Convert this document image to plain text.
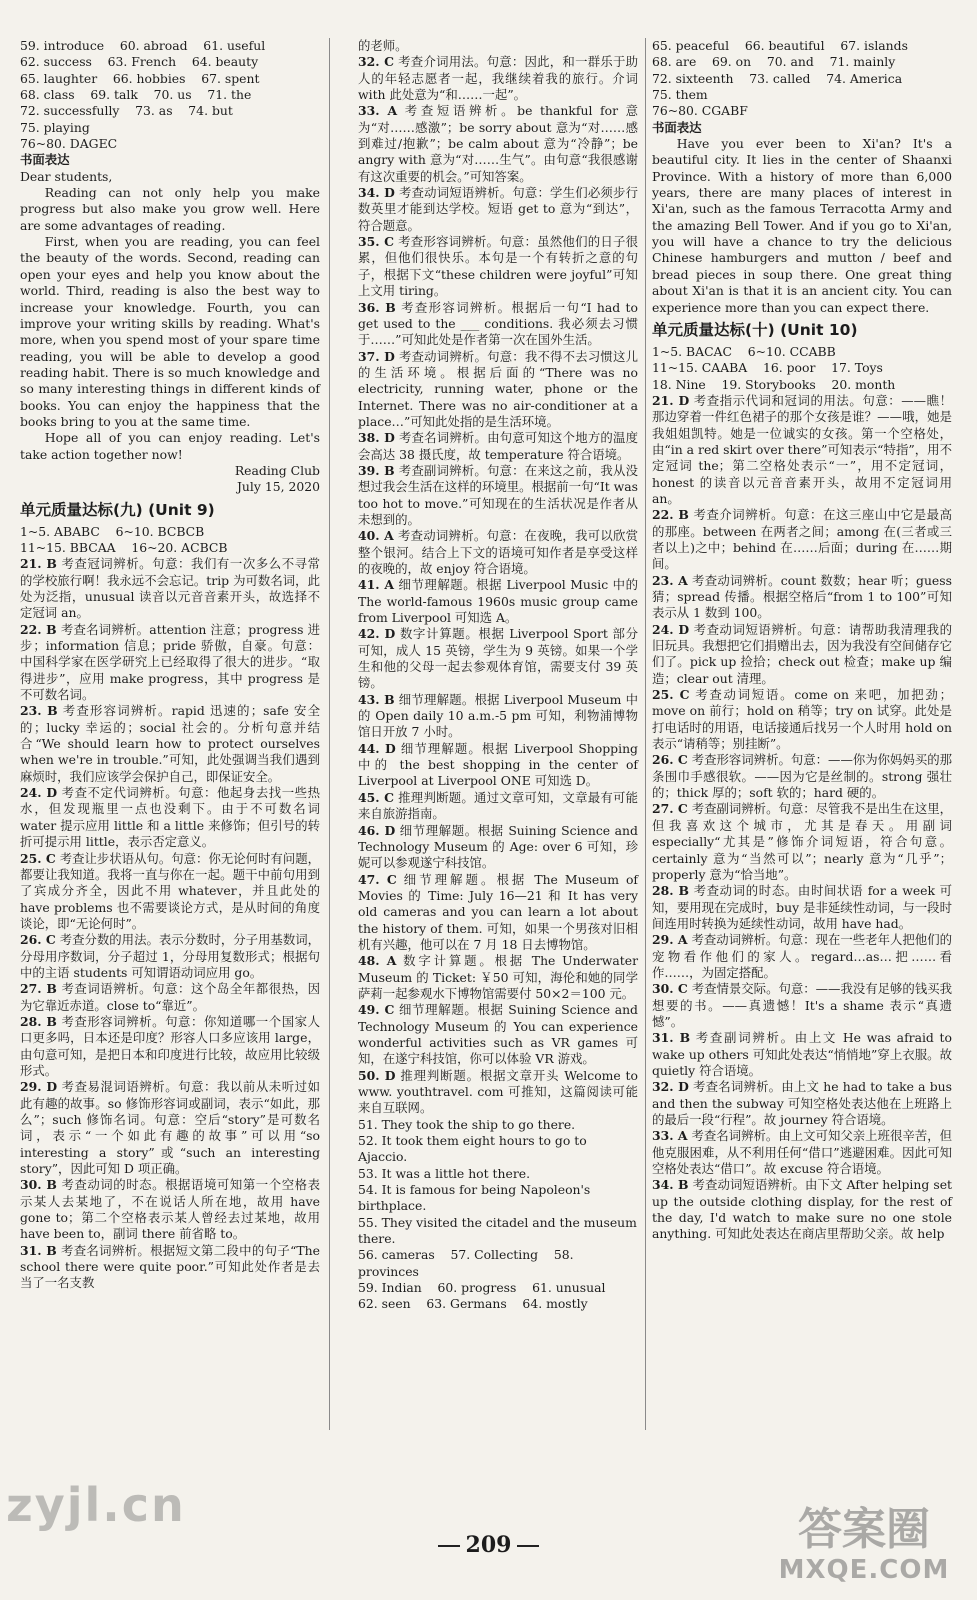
59. introduce    60. abroad    61. useful
62. success    63. French    64. beauty
65. laughter    66. hobbies    67. spent
68. class    69. talk    70. us    71. the
72. successfully    73. as    74. but
75. playing
76~80. DAGEC
书面表达
Dear students,
Reading can not only help you make progress but also make you grow well. Here are some advantages of reading.
First, when you are reading, you can feel the beauty of the words. Second, reading can open your eyes and help you know about the world. Third, reading is also the best way to increase your knowledge. Fourth, you can improve your writing skills by reading. What's more, when you spend most of your spare time reading, you will be able to develop a good reading habit. There is so much knowledge and so many interesting things in different kinds of books. You can enjoy the happiness that the books bring to you at the same time.
Hope all of you can enjoy reading. Let's take action together now!
Reading Club
July 15, 2020
单元质量达标(九) (Unit 9)
1~5. ABABC    6~10. BCBCB
11~15. BBCAA    16~20. ACBCB
21. B 考查冠词辨析。句意：我们有一次多么不寻常的学校旅行啊！我永远不会忘记。trip 为可数名词，此处为泛指，unusual 读音以元音音素开头，故选择不定冠词 an。
22. B 考查名词辨析。attention 注意；progress 进步；information 信息；pride 骄傲，自豪。句意：中国科学家在医学研究上已经取得了很大的进步。“取得进步”，应用 make progress，其中 progress 是不可数名词。
23. B 考查形容词辨析。rapid 迅速的；safe 安全的；lucky 幸运的；social 社会的。分析句意并结合“We should learn how to protect ourselves when we're in trouble.”可知，此处强调当我们遇到麻烦时，我们应该学会保护自己，即保证安全。
24. D 考查不定代词辨析。句意：他起身去找一些热水，但发现瓶里一点也没剩下。由于不可数名词 water 提示应用 little 和 a little 来修饰；但引号的转折可提示用 little，表示否定意义。
25. C 考查让步状语从句。句意：你无论何时有问题，都要让我知道。我将一直与你在一起。题干中前句用到了宾成分齐全，因此不用 whatever，并且此处的 have problems 也不需要谈论方式，是从时间的角度谈论，即“无论何时”。
26. C 考查分数的用法。表示分数时，分子用基数词，分母用序数词，分子超过 1，分母用复数形式；根据句中的主语 students 可知谓语动词应用 go。
27. B 考查词语辨析。句意：这个岛全年都很热，因为它靠近赤道。close to“靠近”。
28. B 考查形容词辨析。句意：你知道哪一个国家人口更多吗，日本还是印度？形容人口多应该用 large，由句意可知，是把日本和印度进行比较，故应用比较级形式。
29. D 考查易混词语辨析。句意：我以前从未听过如此有趣的故事。so 修饰形容词或副词，表示“如此，那么”；such 修饰名词。句意：空后“story”是可数名词，表示“一个如此有趣的故事”可以用“so interesting a story”或“such an interesting story”，因此可知 D 项正确。
30. B 考查动词的时态。根据语境可知第一个空格表示某人去某地了，不在说话人所在地，故用 have gone to；第二个空格表示某人曾经去过某地，故用 have been to，副词 there 前省略 to。
31. B 考查名词辨析。根据短文第二段中的句子“The school there were quite poor.”可知此处作者是去当了一名支教
的老师。
32. C 考查介词用法。句意：因此，和一群乐于助人的年轻志愿者一起，我继续着我的旅行。介词 with 此处意为“和……一起”。
33. A 考查短语辨析。be thankful for 意为“对……感激”；be sorry about 意为“对……感到难过/抱歉”；be calm about 意为“冷静”；be angry with 意为“对……生气”。由句意“我很感谢有这次重要的机会。”可知答案。
34. D 考查动词短语辨析。句意：学生们必须步行数英里才能到达学校。短语 get to 意为“到达”，符合题意。
35. C 考查形容词辨析。句意：虽然他们的日子很累，但他们很快乐。本句是一个有转折之意的句子，根据下文“these children were joyful”可知上文用 tiring。
36. B 考查形容词辨析。根据后一句“I had to get used to the ___ conditions. 我必须去习惯于……”可知此处是作者第一次在国外生活。
37. D 考查动词辨析。句意：我不得不去习惯这儿的生活环境。根据后面的“There was no electricity, running water, phone or the Internet. There was no air-conditioner at a place…”可知此处指的是生活环境。
38. D 考查名词辨析。由句意可知这个地方的温度会高达 38 摄氏度，故 temperature 符合语境。
39. B 考查副词辨析。句意：在来这之前，我从没想过我会生活在这样的环境里。根据前一句“It was too hot to move.”可知现在的生活状况是作者从未想到的。
40. A 考查动词辨析。句意：在夜晚，我可以欣赏整个银河。结合上下文的语境可知作者是享受这样的夜晚的，故 enjoy 符合语境。
41. A 细节理解题。根据 Liverpool Music 中的 The world-famous 1960s music group came from Liverpool 可知选 A。
42. D 数字计算题。根据 Liverpool Sport 部分可知，成人 15 英镑，学生为 9 英镑。如果一个学生和他的父母一起去参观体育馆，需要支付 39 英镑。
43. B 细节理解题。根据 Liverpool Museum 中的 Open daily 10 a.m.-5 pm 可知，利物浦博物馆日开放 7 小时。
44. D 细节理解题。根据 Liverpool Shopping 中的 the best shopping in the center of Liverpool at Liverpool ONE 可知选 D。
45. C 推理判断题。通过文章可知，文章最有可能来自旅游指南。
46. D 细节理解题。根据 Suining Science and Technology Museum 的 Age: over 6 可知，珍妮可以参观遂宁科技馆。
47. C 细节理解题。根据 The Museum of Movies 的 Time: July 16—21 和 It has very old cameras and you can learn a lot about the history of them. 可知，如果一个男孩对旧相机有兴趣，他可以在 7 月 18 日去博物馆。
48. A 数字计算题。根据 The Underwater Museum 的 Ticket: ￥50 可知，海伦和她的同学萨莉一起参观水下博物馆需要付 50×2＝100 元。
49. C 细节理解题。根据 Suining Science and Technology Museum 的 You can experience wonderful activities such as VR games 可知，在遂宁科技馆，你可以体验 VR 游戏。
50. D 推理判断题。根据文章开头 Welcome to www. youthtravel. com 可推知，这篇阅读可能来自互联网。
51. They took the ship to go there.
52. It took them eight hours to go to Ajaccio.
53. It was a little hot there.
54. It is famous for being Napoleon's birthplace.
55. They visited the citadel and the museum there.
56. cameras    57. Collecting    58. provinces
59. Indian    60. progress    61. unusual
62. seen    63. Germans    64. mostly
65. peaceful    66. beautiful    67. islands
68. are    69. on    70. and    71. mainly
72. sixteenth    73. called    74. America
75. them
76~80. CGABF
书面表达
Have you ever been to Xi'an? It's a beautiful city. It lies in the center of Shaanxi Province. With a history of more than 6,000 years, there are many places of interest in Xi'an, such as the famous Terracotta Army and the amazing Bell Tower. And if you go to Xi'an, you will have a chance to try the delicious Chinese hamburgers and mutton / beef and bread pieces in soup there. One great thing about Xi'an is that it is an ancient city. You can experience more than you can expect there.
单元质量达标(十) (Unit 10)
1~5. BACAC    6~10. CCABB
11~15. CAABA    16. poor    17. Toys
18. Nine    19. Storybooks    20. month
21. D 考查指示代词和冠词的用法。句意：——瞧！那边穿着一件红色裙子的那个女孩是谁？——哦，她是我姐姐凯特。她是一位诚实的女孩。第一个空格处，由“in a red skirt over there”可知表示“特指”，用不定冠词 the；第二空格处表示“一”，用不定冠词，honest 的读音以元音音素开头，故用不定冠词用 an。
22. B 考查介词辨析。句意：在这三座山中它是最高的那座。between 在两者之间；among 在(三者或三者以上)之中；behind 在……后面；during 在……期间。
23. A 考查动词辨析。count 数数；hear 听；guess 猜；spread 传播。根据空格后“from 1 to 100”可知表示从 1 数到 100。
24. D 考查动词短语辨析。句意：请帮助我清理我的旧玩具。我想把它们捐赠出去，因为我没有空间储存它们了。pick up 捡拾；check out 检查；make up 编造；clear out 清理。
25. C 考查动词短语。come on 来吧，加把劲；move on 前行；hold on 稍等；try on 试穿。此处是打电话时的用语，电话接通后找另一个人时用 hold on 表示“请稍等；别挂断”。
26. C 考查形容词辨析。句意：——你为你妈妈买的那条围巾手感很软。——因为它是丝制的。strong 强壮的；thick 厚的；soft 软的；hard 硬的。
27. C 考查副词辨析。句意：尽管我不是出生在这里，但我喜欢这个城市，尤其是春天。用副词 especially“尤其是”修饰介词短语，符合句意。certainly 意为“当然可以”；nearly 意为“几乎”；properly 意为“恰当地”。
28. B 考查动词的时态。由时间状语 for a week 可知，要用现在完成时，buy 是非延续性动词，与一段时间连用时转换为延续性动词，故用 have had。
29. A 考查动词辨析。句意：现在一些老年人把他们的宠物看作他们的家人。regard…as…把……看作……，为固定搭配。
30. C 考查情景交际。句意：——我没有足够的钱买我想要的书。——真遗憾！It's a shame 表示“真遗憾”。
31. B 考查副词辨析。由上文 He was afraid to wake up others 可知此处表达“悄悄地”穿上衣服。故 quietly 符合语境。
32. D 考查名词辨析。由上文 he had to take a bus and then the subway 可知空格处表达他在上班路上的最后一段“行程”。故 journey 符合语境。
33. A 考查名词辨析。由上文可知父亲上班很辛苦，但他克服困难，从不利用任何“借口”逃避困难。因此可知空格处表达“借口”。故 excuse 符合语境。
34. B 考查动词短语辨析。由下文 After helping set up the outside clothing display, for the rest of the day, I'd watch to make sure no one stole anything. 可知此处表达在商店里帮助父亲。故 help
zyjl.cn	答案圈
MXQE.COM
209
